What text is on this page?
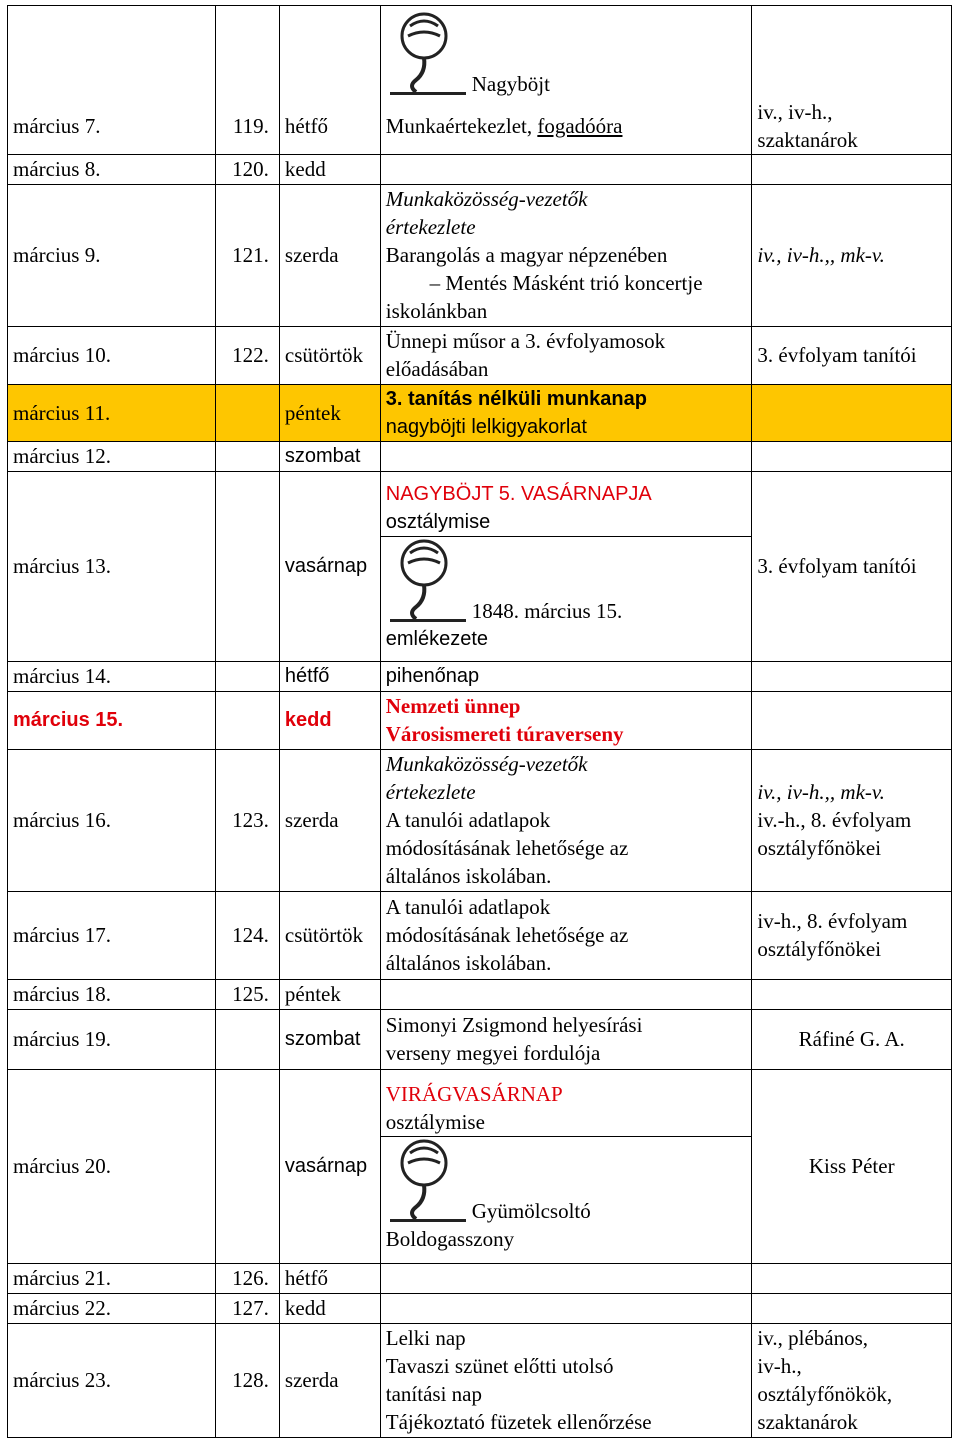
			Nagyböjt	

március 7.	119.	hétfő	Munkaértekezlet, fogadóóra	iv., iv-h.,
szaktanárok

március 8.	120.	kedd		
március 9.	121.	szerda	Munkaközösség-vezetők
értekezlete
Barangolás a magyar népzenében
– Mentés Másként trió koncertje
iskolánkban	iv., iv-h.,, mk-v.
március 10.	122.	csütörtök	Ünnepi műsor a 3. évfolyamosok
előadásában	3. évfolyam tanítói
március 11.		péntek	3. tanítás nélküli munkanap
nagyböjti lelkigyakorlat	

március 12.		szombat		
március 13.		vasárnap	NAGYBÖJT 5. VASÁRNAPJA
osztálymise
1848. március 15.
emlékezete	3. évfolyam tanítói
március 14.		hétfő	pihenőnap	
március 15.		kedd	Nemzeti ünnep
Városismereti túraverseny	

március 16.	123.	szerda	Munkaközösség-vezetők
értekezlete
A tanulói adatlapok
módosításának lehetősége az
általános iskolában.	iv., iv-h.,, mk-v.
iv.-h., 8. évfolyam
osztályfőnökei

március 17.	124.	csütörtök	A tanulói adatlapok
módosításának lehetősége az
általános iskolában.	iv-h., 8. évfolyam
osztályfőnökei

március 18.	125.	péntek		
március 19.		szombat	Simonyi Zsigmond helyesírási
verseny megyei fordulója	Ráfiné G. A.
március 20.		vasárnap	VIRÁGVASÁRNAP
osztálymise
Gyümölcsoltó
Boldogasszony	Kiss Péter
március 21.	126.	hétfő		
március 22.	127.	kedd		
március 23.	128.	szerda	Lelki nap
Tavaszi szünet előtti utolsó
tanítási nap
Tájékoztató füzetek ellenőrzése	iv., plébános,
iv-h.,
osztályfőnökök,
szaktanárok
